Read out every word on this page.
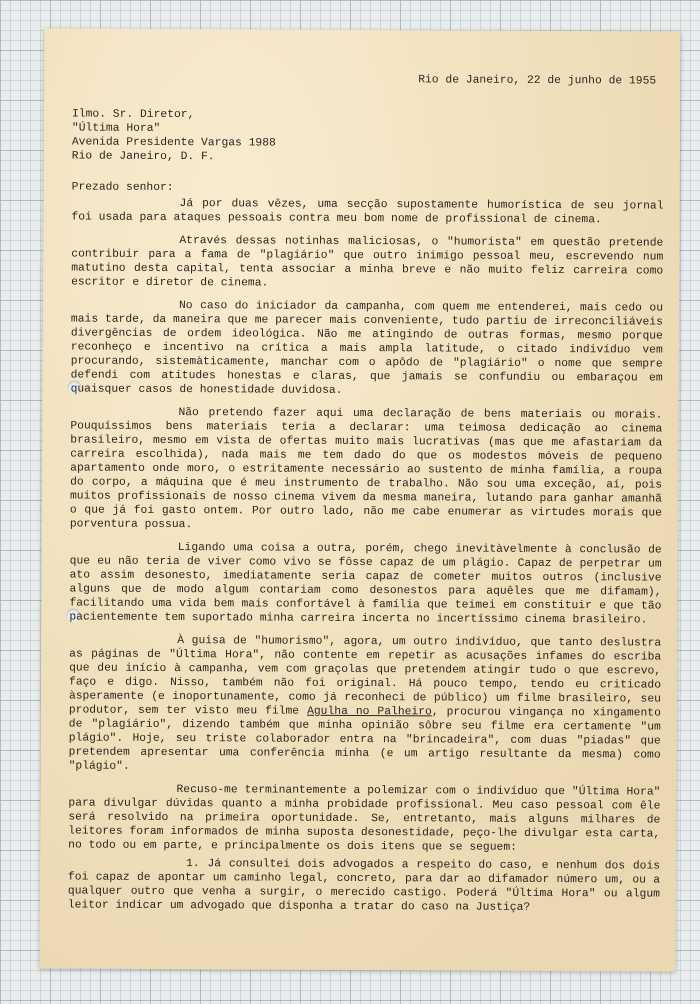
Rio de Janeiro, 22 de junho de 1955
Ilmo. Sr. Diretor,
"Última Hora"
Avenida Presidente Vargas 1988
Rio de Janeiro, D. F.
Prezado senhor:

Já por duas vêzes, uma secção supostamente humorística de seu jornal foi usada para ataques pessoais contra meu bom nome de profissional de cinema.

Através dessas notinhas maliciosas, o "humorista" em questão pretende contribuir para a fama de "plagiário" que outro inimigo pessoal meu, escrevendo num matutino desta capital, tenta associar a minha breve e não muito feliz carreira como escritor e diretor de cinema.

No caso do iniciador da campanha, com quem me entenderei, mais cedo ou mais tarde, da maneira que me parecer mais conveniente, tudo partiu de irreconciliáveis divergências de ordem ideológica. Não me atingindo de outras formas, mesmo porque reconheço e incentivo na crítica a mais ampla latitude, o citado indivíduo vem procurando, sistemàticamente, manchar com o apôdo de "plagiário" o nome que sempre defendi com atitudes honestas e claras, que jamais se confundiu ou embaraçou em quaisquer casos de honestidade duvidosa.

Não pretendo fazer aqui uma declaração de bens materiais ou morais. Pouquíssimos bens materiais teria a declarar: uma teimosa dedicação ao cinema brasileiro, mesmo em vista de ofertas muito mais lucrativas (mas que me afastariam da carreira escolhida), nada mais me tem dado do que os modestos móveis de pequeno apartamento onde moro, o estritamente necessário ao sustento de minha família, a roupa do corpo, a máquina que é meu instrumento de trabalho. Não sou uma exceção, aí, pois muitos profissionais de nosso cinema vivem da mesma maneira, lutando para ganhar amanhã o que já foi gasto ontem. Por outro lado, não me cabe enumerar as virtudes morais que porventura possua.

Ligando uma coisa a outra, porém, chego inevitàvelmente à conclusão de que eu não teria de viver como vivo se fôsse capaz de um plágio. Capaz de perpetrar um ato assim desonesto, imediatamente seria capaz de cometer muitos outros (inclusive alguns que de modo algum contariam como desonestos para aquêles que me difamam), facilitando uma vida bem mais confortável à família que teimei em constituir e que tão pacientemente tem suportado minha carreira incerta no incertíssimo cinema brasileiro.

À guisa de "humorismo", agora, um outro indivíduo, que tanto deslustra as páginas de "Última Hora", não contente em repetir as acusações infames do escriba que deu início à campanha, vem com graçolas que pretendem atingir tudo o que escrevo, faço e digo. Nisso, também não foi original. Há pouco tempo, tendo eu criticado àsperamente (e inoportunamente, como já reconheci de público) um filme brasileiro, seu produtor, sem ter visto meu filme Agulha no Palheiro, procurou vingança no xingamento de "plagiário", dizendo também que minha opinião sôbre seu filme era certamente "um plágio". Hoje, seu triste colaborador entra na "brincadeira", com duas "piadas" que pretendem apresentar uma conferência minha (e um artigo resultante da mesma) como "plágio".

Recuso-me terminantemente a polemizar com o indivíduo que "Última Hora" para divulgar dúvidas quanto a minha probidade profissional. Meu caso pessoal com êle será resolvido na primeira oportunidade. Se, entretanto, mais alguns milhares de leitores foram informados de minha suposta desonestidade, peço-lhe divulgar esta carta, no todo ou em parte, e principalmente os dois itens que se seguem:

1. Já consultei dois advogados a respeito do caso, e nenhum dos dois foi capaz de apontar um caminho legal, concreto, para dar ao difamador número um, ou a qualquer outro que venha a surgir, o merecido castigo. Poderá "Última Hora" ou algum leitor indicar um advogado que disponha a tratar do caso na Justiça?
